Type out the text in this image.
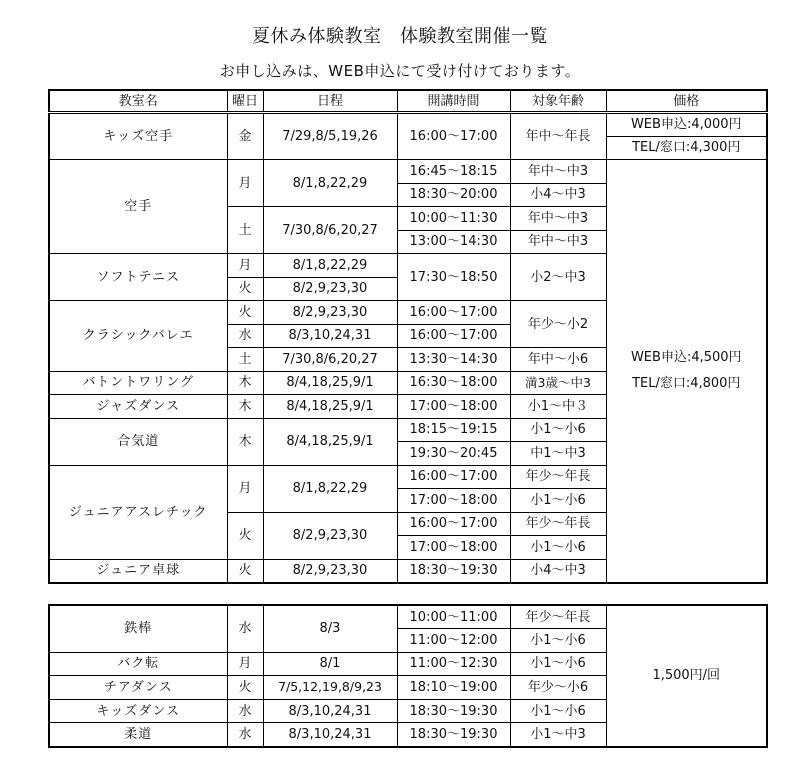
夏休み体験教室　体験教室開催一覧
お申し込みは、WEB申込にて受け付けております。
教室名	曜日	日程	開講時間	対象年齢	価格
キッズ空手	金	7/29,8/5,19,26	16:00～17:00	年中～年長	WEB申込:4,000円
					TEL/窓口:4,300円
空手	月	8/1,8,22,29	16:45～18:15	年中～中3	WEB申込:4,500円
TEL/窓口:4,800円
			18:30～20:00	小4～中3	
	土	7/30,8/6,20,27	10:00～11:30	年中～中3	
			13:00～14:30	年中～中3	
ソフトテニス	月	8/1,8,22,29	17:30～18:50	小2～中3	
	火	8/2,9,23,30			
クラシックバレエ	火	8/2,9,23,30	16:00～17:00	年少～小2	
	水	8/3,10,24,31	16:00～17:00		
	土	7/30,8/6,20,27	13:30～14:30	年中～小6	
バトントワリング	木	8/4,18,25,9/1	16:30～18:00	満3歳～中3	
ジャズダンス	木	8/4,18,25,9/1	17:00～18:00	小1～中３	
合気道	木	8/4,18,25,9/1	18:15～19:15	小1～小6	
			19:30～20:45	中1～中3	
ジュニアアスレチック	月	8/1,8,22,29	16:00～17:00	年少～年長	
			17:00～18:00	小1～小6	
	火	8/2,9,23,30	16:00～17:00	年少～年長	
			17:00～18:00	小1～小6	
ジュニア卓球	火	8/2,9,23,30	18:30～19:30	小4～中3	
鉄棒	水	8/3	10:00～11:00	年少～年長	1,500円/回
			11:00～12:00	小1～小6	
バク転	月	8/1	11:00～12:30	小1～小6	
チアダンス	火	7/5,12,19,8/9,23	18:10～19:00	年少～小6	
キッズダンス	水	8/3,10,24,31	18:30～19:30	小1～小6	
柔道	水	8/3,10,24,31	18:30～19:30	小1～中3	
